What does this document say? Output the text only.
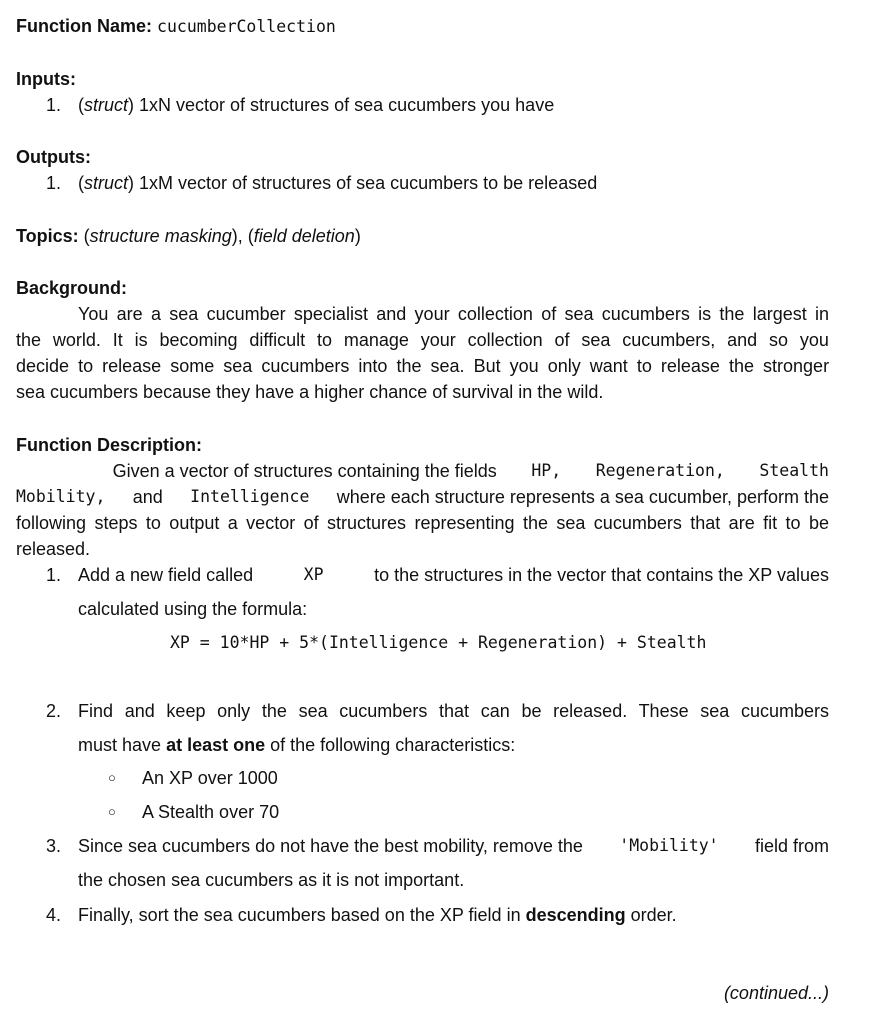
Function Name: cucumberCollection
Inputs:
1. (struct) 1xN vector of structures of sea cucumbers you have
Outputs:
1. (struct) 1xM vector of structures of sea cucumbers to be released
Topics: (structure masking), (field deletion)
Background:
You are a sea cucumber specialist and your collection of sea cucumbers is the largest in
the world. It is becoming difficult to manage your collection of sea cucumbers, and so you
decide to release some sea cucumbers into the sea. But you only want to release the stronger
sea cucumbers because they have a higher chance of survival in the wild.
Function Description:
Given a vector of structures containing the fields HP, Regeneration, Stealth
Mobility, and Intelligence where each structure represents a sea cucumber, perform the
following steps to output a vector of structures representing the sea cucumbers that are fit to be
released.
1. Add a new field called	XP	to the structures in the vector that contains the XP values
calculated using the formula:
XP = 10*HP + 5*(Intelligence + Regeneration) + Stealth
2. Find and keep only the sea cucumbers that can be released. These sea cucumbers
must have at least one of the following characteristics:
○ An XP over 1000
○ A Stealth over 70
3. Since sea cucumbers do not have the best mobility, remove the 'Mobility' field from
the chosen sea cucumbers as it is not important.
4. Finally, sort the sea cucumbers based on the XP field in descending order.
(continued...)
